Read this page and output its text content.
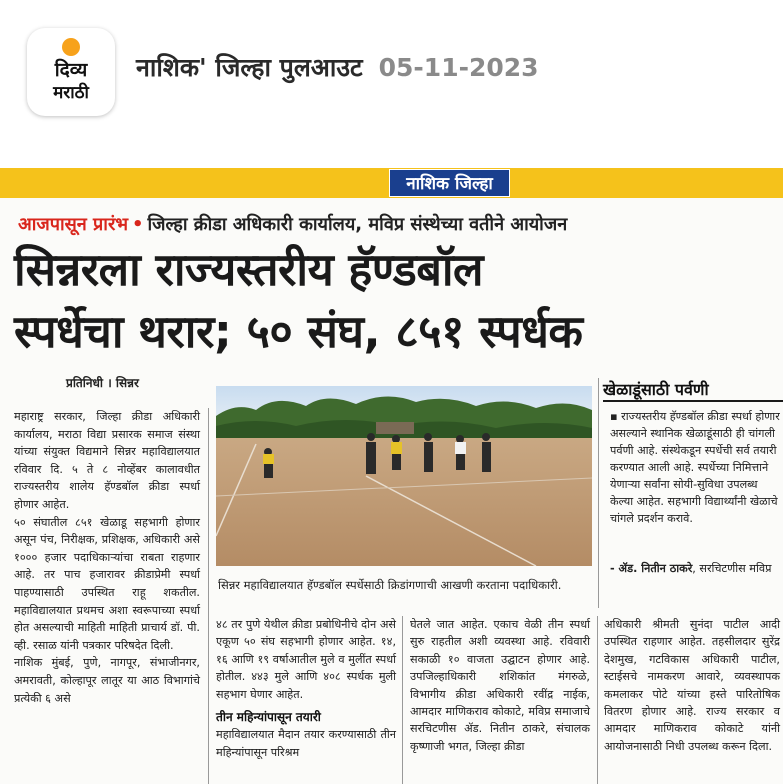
दिव्य
मराठी
नाशिक' जिल्हा पुलआउट 05-11-2023
नाशिक जिल्हा
आजपासून प्रारंभ • जिल्हा क्रीडा अधिकारी कार्यालय, मविप्र संस्थेच्या वतीने आयोजन
सिन्नरला राज्यस्तरीय हॅण्डबॉल
स्पर्धेचा थरार; ५० संघ, ८५१ स्पर्धक
प्रतिनिधी । सिन्नर

महाराष्ट्र सरकार, जिल्हा क्रीडा अधिकारी कार्यालय, मराठा विद्या प्रसारक समाज संस्था यांच्या संयुक्त विद्यमाने सिन्नर महाविद्यालयात रविवार दि. ५ ते ८ नोव्हेंबर कालावधीत राज्यस्तरीय शालेय हॅण्डबॉल क्रीडा स्पर्धा होणार आहेत.

५० संघातील ८५१ खेळाडू सहभागी होणार असून पंच, निरीक्षक, प्रशिक्षक, अधिकारी असे १००० हजार पदाधिकाऱ्यांचा राबता राहणार आहे. तर पाच हजारावर क्रीडाप्रेमी स्पर्धा पाहण्यासाठी उपस्थित राहू शकतील. महाविद्यालयात प्रथमच अशा स्वरूपाच्या स्पर्धा होत असल्याची माहिती माहिती प्राचार्य डॉ. पी. व्ही. रसाळ यांनी पत्रकार परिषदेत दिली.

नाशिक मुंबई, पुणे, नागपूर, संभाजीनगर, अमरावती, कोल्हापूर लातूर या आठ विभागांचे प्रत्येकी ६ असे

सिन्नर महाविद्यालयात हॅण्डबॉल स्पर्धेसाठी क्रिडांगणाची आखणी करताना पदाधिकारी.
खेळाडूंसाठी पर्वणी
▪ राज्यस्तरीय हॅण्डबॉल क्रीडा स्पर्धा होणार असल्याने स्थानिक खेळाडूंसाठी ही चांगली पर्वणी आहे. संस्थेकडून स्पर्धेची सर्व तयारी करण्यात आली आहे. स्पर्धेच्या निमित्ताने येणाऱ्या सर्वांना सोयी-सुविधा उपलब्ध केल्या आहेत. सहभागी विद्यार्थ्यांनी खेळाचे चांगले प्रदर्शन करावे.
- ॲड. नितीन ठाकरे, सरचिटणीस मविप्र

४८ तर पुणे येथील क्रीडा प्रबोधिनीचे दोन असे एकूण ५० संघ सहभागी होणार आहेत. १४, १६ आणि १९ वर्षाआतील मुले व मुलींत स्पर्धा होतील. ४४३ मुले आणि ४०८ स्पर्धक मुली सहभाग घेणार आहेत.

तीन महिन्यांपासून तयारी

महाविद्यालयात मैदान तयार करण्यासाठी तीन महिन्यांपासून परिश्रम

घेतले जात आहेत. एकाच वेळी तीन स्पर्धा सुरु राहतील अशी व्यवस्था आहे. रविवारी सकाळी १० वाजता उद्घाटन होणार आहे. उपजिल्हाधिकारी शशिकांत मंगरुळे, विभागीय क्रीडा अधिकारी रवींद्र नाईक, आमदार माणिकराव कोकाटे, मविप्र समाजाचे सरचिटणीस ॲड. नितीन ठाकरे, संचालक कृष्णाजी भगत, जिल्हा क्रीडा

अधिकारी श्रीमती सुनंदा पाटील आदी उपस्थित राहणार आहेत. तहसीलदार सुरेंद्र देशमुख, गटविकास अधिकारी पाटील, स्टाईसचे नामकरण आवारे, व्यवस्थापक कमलाकर पोटे यांच्या हस्ते पारितोषिक वितरण होणार आहे. राज्य सरकार व आमदार माणिकराव कोकाटे यांनी आयोजनासाठी निधी उपलब्ध करून दिला.
